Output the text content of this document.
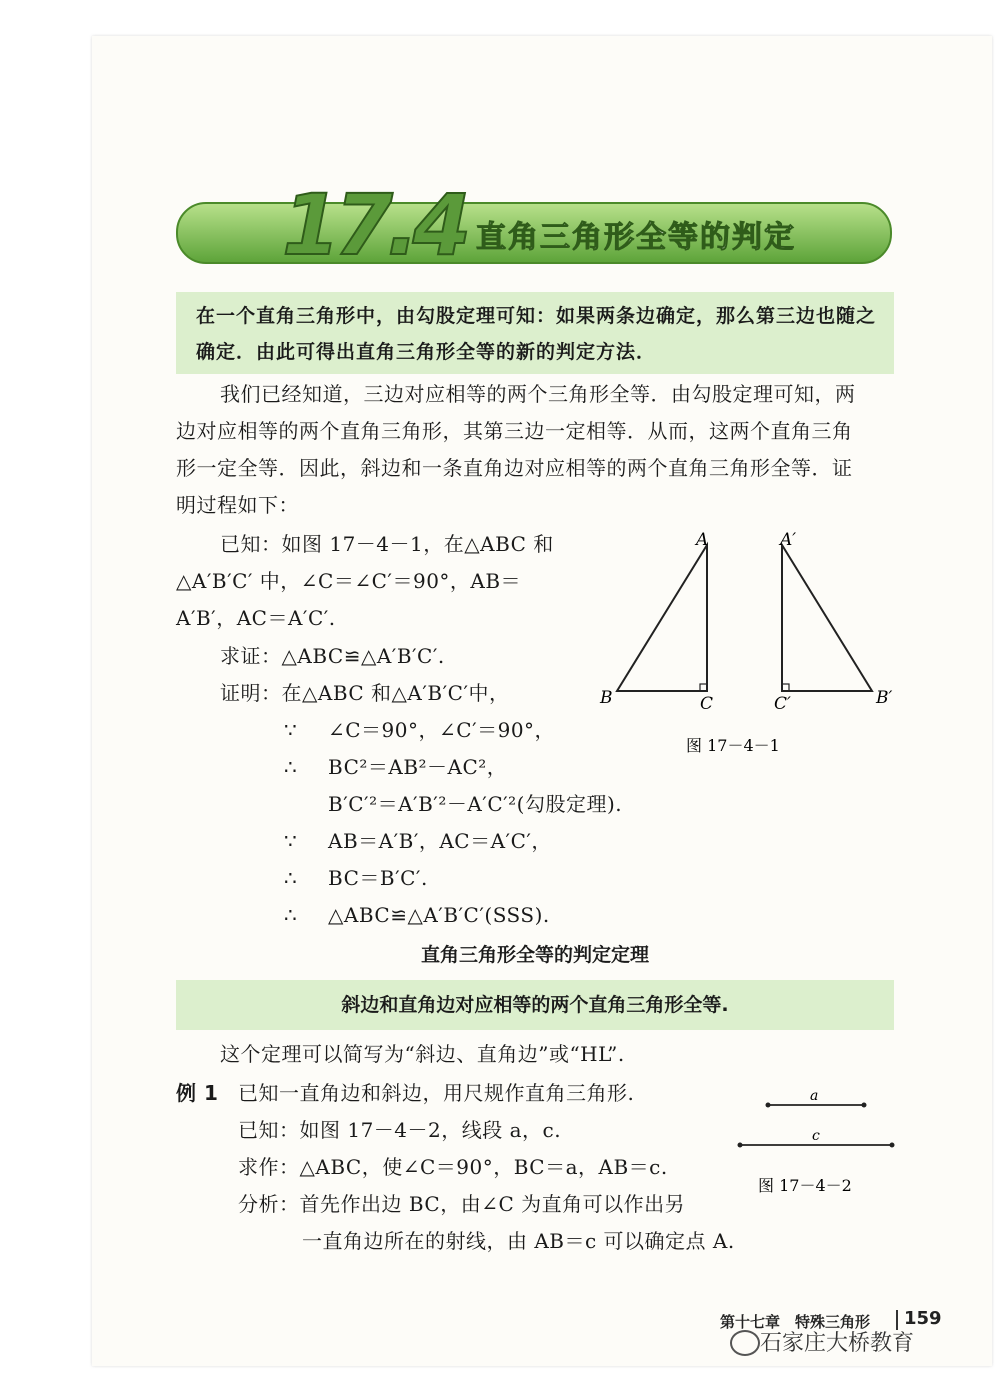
17.4 直角三角形全等的判定
在一个直角三角形中，由勾股定理可知：如果两条边确定，那么第三边也随之确定．由此可得出直角三角形全等的新的判定方法．
我们已经知道，三边对应相等的两个三角形全等．由勾股定理可知，两
边对应相等的两个直角三角形，其第三边一定相等．从而，这两个直角三角
形一定全等．因此，斜边和一条直角边对应相等的两个直角三角形全等．证
明过程如下：
已知：如图 17－4－1，在△ABC 和
△A′B′C′ 中，∠C＝∠C′＝90°，AB＝
A′B′，AC＝A′C′.
求证：△ABC≌△A′B′C′.
证明：在△ABC 和△A′B′C′中，
∵ ∠C＝90°，∠C′＝90°，
∴ BC²＝AB²－AC²，
B′C′²＝A′B′²－A′C′²(勾股定理).
∵ AB＝A′B′，AC＝A′C′，
∴ BC＝B′C′.
∴ △ABC≌△A′B′C′(SSS).
A
B	C
A′
C′	B′
图 17－4－1
直角三角形全等的判定定理
斜边和直角边对应相等的两个直角三角形全等.
这个定理可以简写为“斜边、直角边”或“HL”.
例 1 已知一直角边和斜边，用尺规作直角三角形.
已知：如图 17－4－2，线段 a，c.
求作：△ABC，使∠C＝90°，BC＝a，AB＝c.
分析：首先作出边 BC，由∠C 为直角可以作出另
一直角边所在的射线，由 AB＝c 可以确定点 A.
a
c
图 17－4－2
第十七章　特殊三角形 159
石家庄大桥教育
